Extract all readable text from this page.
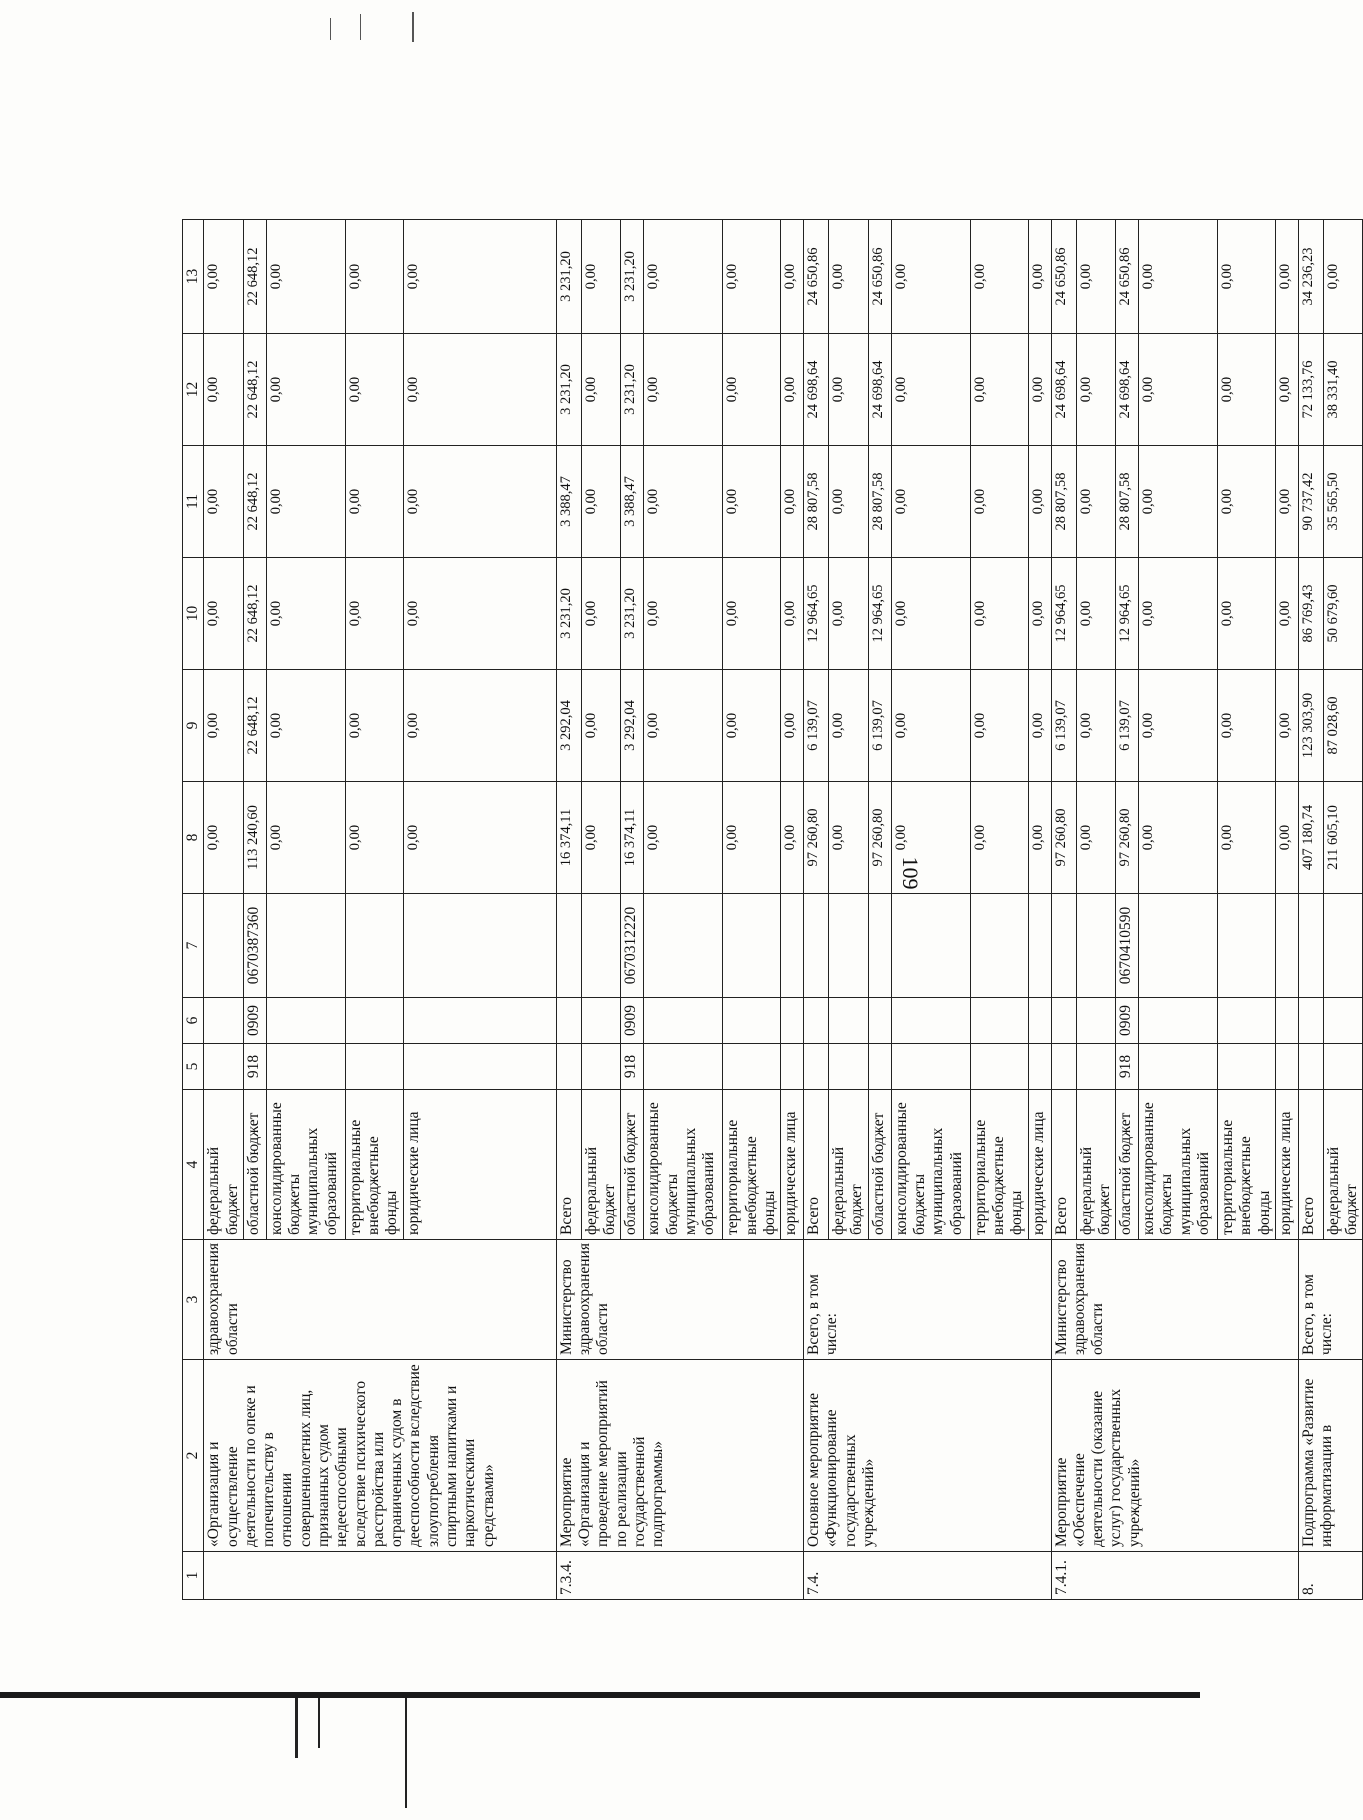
109
1	2	3	4	5	6	7	8	9	10	11	12	13
	«Организация и осуществление деятельности по опеке и попечительству в отношении совершеннолетних лиц, признанных судом недееспособными вследствие психического расстройства или ограниченных судом в дееспособности вследствие злоупотребления спиртными напитками и наркотическими средствами»	здравоохранения области	федеральный бюджет				0,00	0,00	0,00	0,00	0,00	0,00
			областной бюджет	918	0909	0670387360	113 240,60	22 648,12	22 648,12	22 648,12	22 648,12	22 648,12
			консолидированные бюджеты муниципальных образований				0,00	0,00	0,00	0,00	0,00	0,00
			территориальные внебюджетные фонды				0,00	0,00	0,00	0,00	0,00	0,00
			юридические лица				0,00	0,00	0,00	0,00	0,00	0,00
7.3.4.	Мероприятие «Организация и проведение мероприятий по реализации государственной подпрограммы»	Министерство здравоохранения области	Всего				16 374,11	3 292,04	3 231,20	3 388,47	3 231,20	3 231,20
			федеральный бюджет				0,00	0,00	0,00	0,00	0,00	0,00
			областной бюджет	918	0909	0670312220	16 374,11	3 292,04	3 231,20	3 388,47	3 231,20	3 231,20
			консолидированные бюджеты муниципальных образований				0,00	0,00	0,00	0,00	0,00	0,00
			территориальные внебюджетные фонды				0,00	0,00	0,00	0,00	0,00	0,00
			юридические лица				0,00	0,00	0,00	0,00	0,00	0,00
7.4.	Основное мероприятие «Функционирование государственных учреждений»	Всего, в том числе:	Всего				97 260,80	6 139,07	12 964,65	28 807,58	24 698,64	24 650,86
			федеральный бюджет				0,00	0,00	0,00	0,00	0,00	0,00
			областной бюджет				97 260,80	6 139,07	12 964,65	28 807,58	24 698,64	24 650,86
			консолидированные бюджеты муниципальных образований				0,00	0,00	0,00	0,00	0,00	0,00
			территориальные внебюджетные фонды				0,00	0,00	0,00	0,00	0,00	0,00
			юридические лица				0,00	0,00	0,00	0,00	0,00	0,00
7.4.1.	Мероприятие «Обеспечение деятельности (оказание услуг) государственных учреждений»	Министерство здравоохранения области	Всего				97 260,80	6 139,07	12 964,65	28 807,58	24 698,64	24 650,86
			федеральный бюджет				0,00	0,00	0,00	0,00	0,00	0,00
			областной бюджет	918	0909	0670410590	97 260,80	6 139,07	12 964,65	28 807,58	24 698,64	24 650,86
			консолидированные бюджеты муниципальных образований				0,00	0,00	0,00	0,00	0,00	0,00
			территориальные внебюджетные фонды				0,00	0,00	0,00	0,00	0,00	0,00
			юридические лица				0,00	0,00	0,00	0,00	0,00	0,00
8.	Подпрограмма «Развитие информатизации в	Всего, в том числе:	Всего				407 180,74	123 303,90	86 769,43	90 737,42	72 133,76	34 236,23
			федеральный бюджет				211 605,10	87 028,60	50 679,60	35 565,50	38 331,40	0,00
